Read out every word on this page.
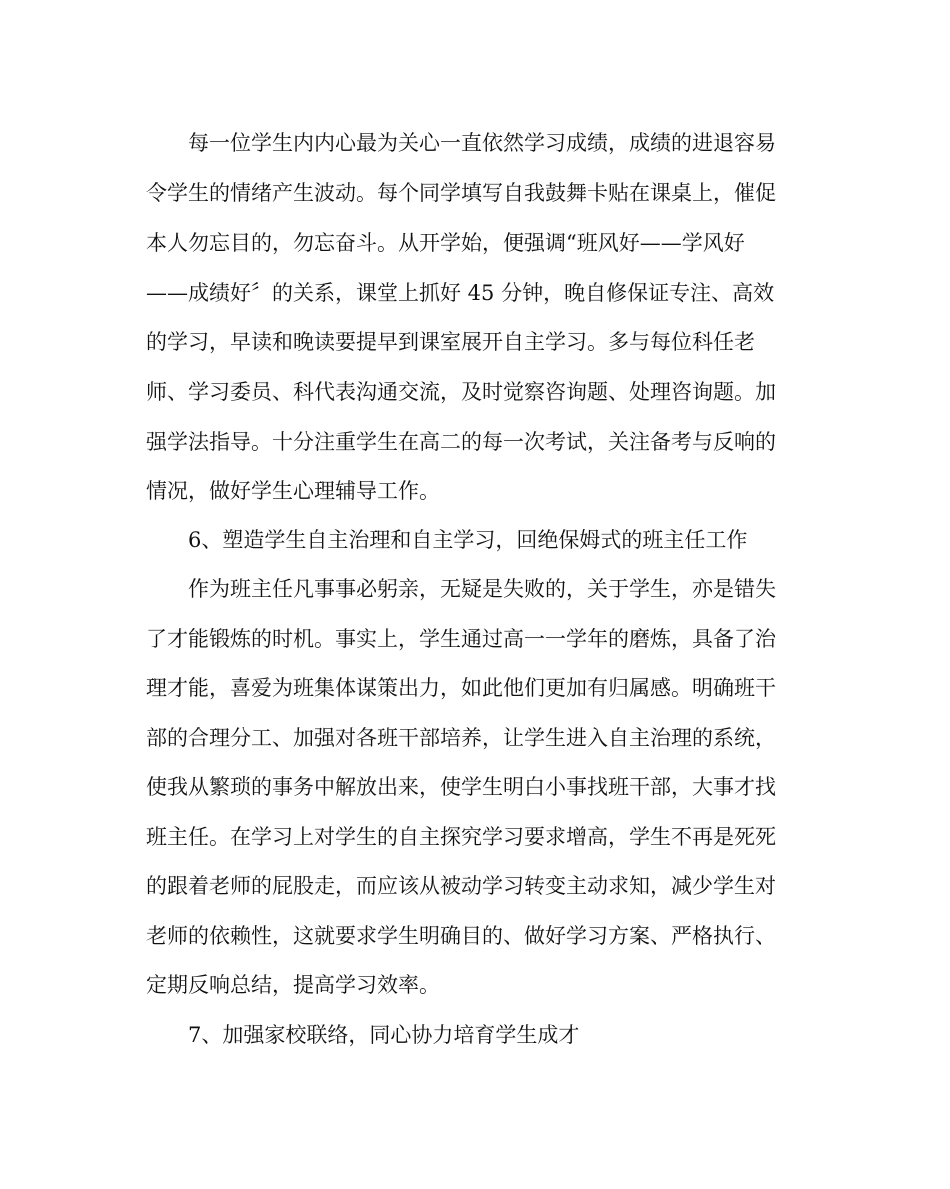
每一位学生内内心最为关心一直依然学习成绩，成绩的进退容易
令学生的情绪产生波动。每个同学填写自我鼓舞卡贴在课桌上，催促
本人勿忘目的，勿忘奋斗。从开学始，便强调“班风好——学风好
——成绩好〞的关系，课堂上抓好 45 分钟，晚自修保证专注、高效
的学习，早读和晚读要提早到课室展开自主学习。多与每位科任老
师、学习委员、科代表沟通交流，及时觉察咨询题、处理咨询题。加
强学法指导。十分注重学生在高二的每一次考试，关注备考与反响的
情况，做好学生心理辅导工作。
6、塑造学生自主治理和自主学习，回绝保姆式的班主任工作
作为班主任凡事事必躬亲，无疑是失败的，关于学生，亦是错失
了才能锻炼的时机。事实上，学生通过高一一学年的磨炼，具备了治
理才能，喜爱为班集体谋策出力，如此他们更加有归属感。明确班干
部的合理分工、加强对各班干部培养，让学生进入自主治理的系统，
使我从繁琐的事务中解放出来，使学生明白小事找班干部，大事才找
班主任。在学习上对学生的自主探究学习要求增高，学生不再是死死
的跟着老师的屁股走，而应该从被动学习转变主动求知，减少学生对
老师的依赖性，这就要求学生明确目的、做好学习方案、严格执行、
定期反响总结，提高学习效率。
7、加强家校联络，同心协力培育学生成才
